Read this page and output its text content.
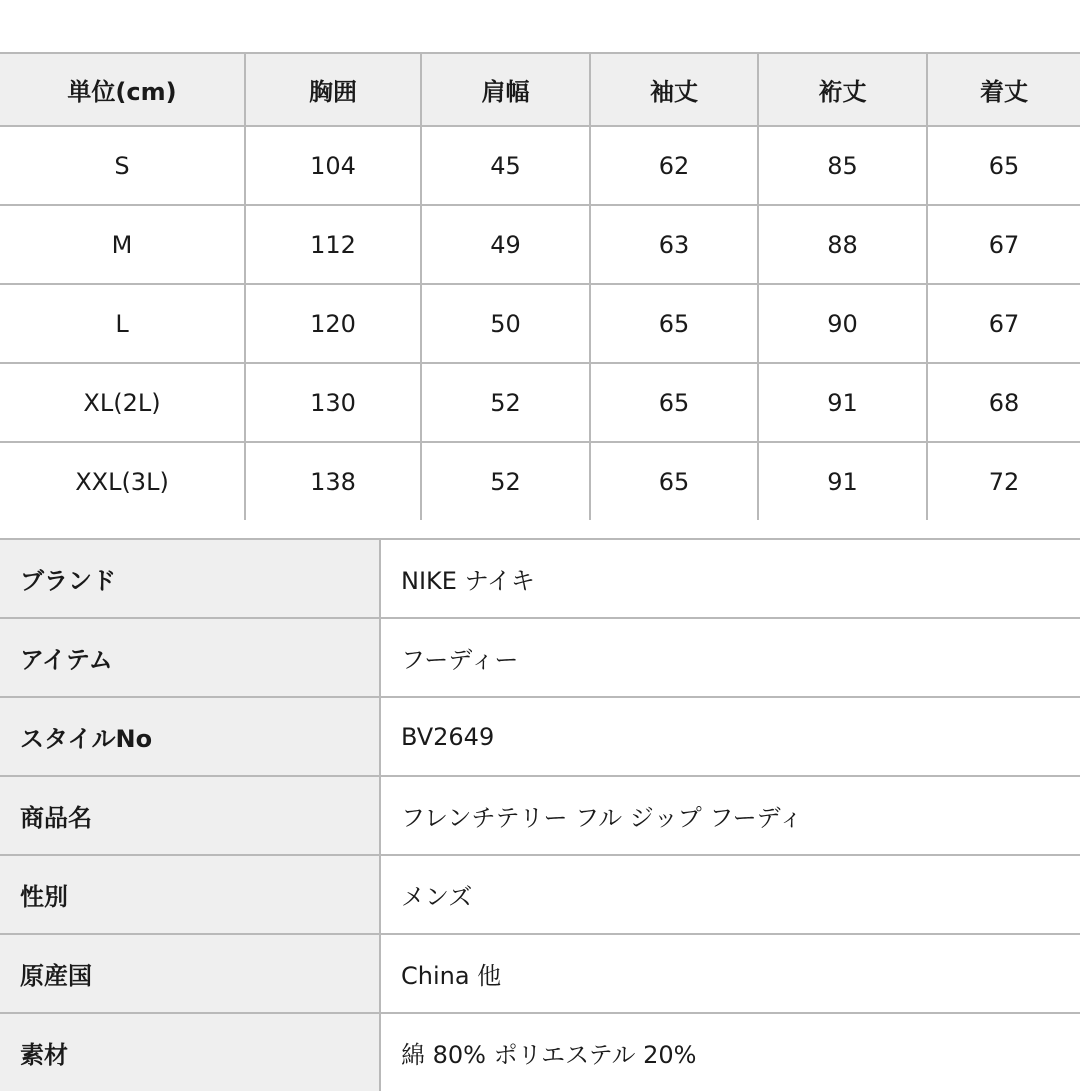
単位(cm)	胸囲	肩幅	袖丈	裄丈	着丈
S	104	45	62	85	65
M	112	49	63	88	67
L	120	50	65	90	67
XL(2L)	130	52	65	91	68
XXL(3L)	138	52	65	91	72
ブランド	NIKE ナイキ
アイテム	フーディー
スタイルNo	BV2649
商品名	フレンチテリー フル ジップ フーディ
性別	メンズ
原産国	China 他
素材	綿 80% ポリエステル 20%
